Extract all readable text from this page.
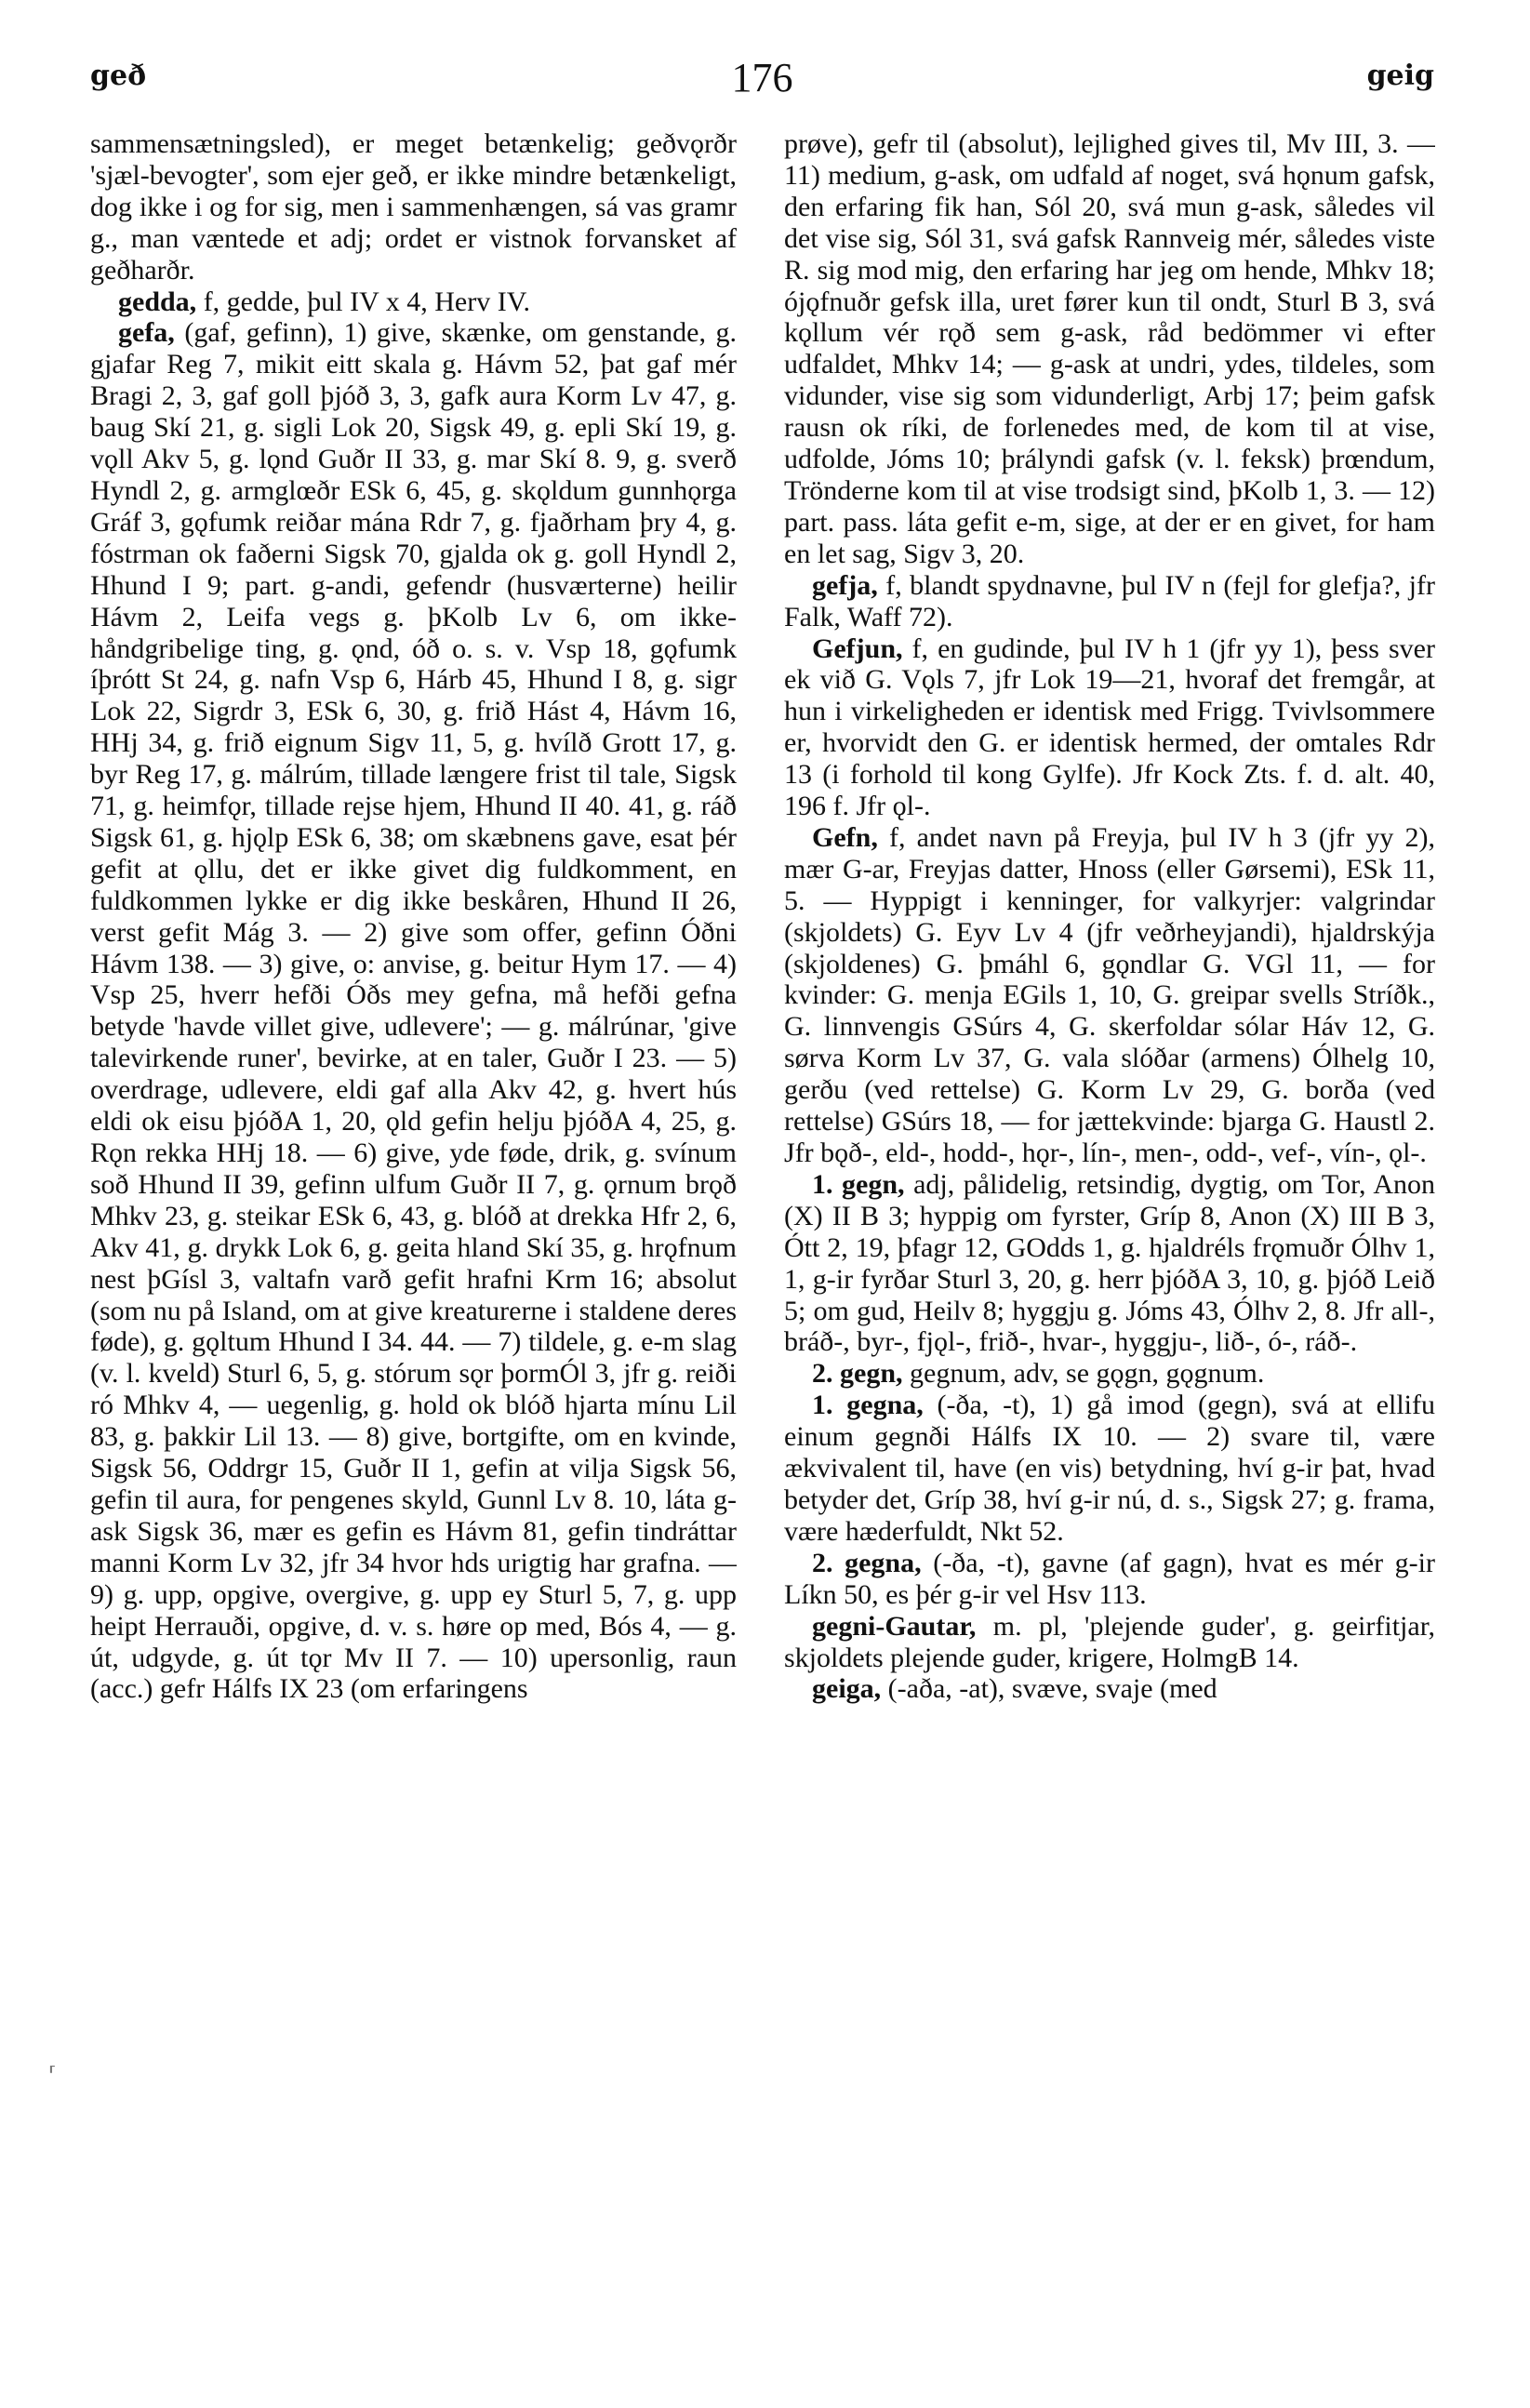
geð	176	geig

sammensætningsled), er meget betænkelig; geðvǫrðr 'sjæl-bevogter', som ejer geð, er ikke mindre betænkeligt, dog ikke i og for sig, men i sammenhængen, sá vas gramr g., man væntede et adj; ordet er vistnok forvansket af geðharðr.

gedda, f, gedde, þul IV x 4, Herv IV.

gefa, (gaf, gefinn), 1) give, skænke, om genstande, g. gjafar Reg 7, mikit eitt skala g. Hávm 52, þat gaf mér Bragi 2, 3, gaf goll þjóð 3, 3, gafk aura Korm Lv 47, g. baug Skí 21, g. sigli Lok 20, Sigsk 49, g. epli Skí 19, g. vǫll Akv 5, g. lǫnd Guðr II 33, g. mar Skí 8. 9, g. sverð Hyndl 2, g. armglœðr ESk 6, 45, g. skǫldum gunnhǫrga Gráf 3, gǫfumk reiðar mána Rdr 7, g. fjaðrham þry 4, g. fóstrman ok faðerni Sigsk 70, gjalda ok g. goll Hyndl 2, Hhund I 9; part. g-andi, gefendr (husværterne) heilir Hávm 2, Leifa vegs g. þKolb Lv 6, om ikke-håndgribelige ting, g. ǫnd, óð o. s. v. Vsp 18, gǫfumk íþrótt St 24, g. nafn Vsp 6, Hárb 45, Hhund I 8, g. sigr Lok 22, Sigrdr 3, ESk 6, 30, g. frið Hást 4, Hávm 16, HHj 34, g. frið eignum Sigv 11, 5, g. hvílð Grott 17, g. byr Reg 17, g. málrúm, tillade længere frist til tale, Sigsk 71, g. heimfǫr, tillade rejse hjem, Hhund II 40. 41, g. ráð Sigsk 61, g. hjǫlp ESk 6, 38; om skæbnens gave, esat þér gefit at ǫllu, det er ikke givet dig fuldkomment, en fuldkommen lykke er dig ikke beskåren, Hhund II 26, verst gefit Mág 3. — 2) give som offer, gefinn Óðni Hávm 138. — 3) give, o: anvise, g. beitur Hym 17. — 4) Vsp 25, hverr hefði Óðs mey gefna, må hefði gefna betyde 'havde villet give, udlevere'; — g. málrúnar, 'give talevirkende runer', bevirke, at en taler, Guðr I 23. — 5) overdrage, udlevere, eldi gaf alla Akv 42, g. hvert hús eldi ok eisu þjóðA 1, 20, ǫld gefin helju þjóðA 4, 25, g. Rǫn rekka HHj 18. — 6) give, yde føde, drik, g. svínum soð Hhund II 39, gefinn ulfum Guðr II 7, g. ǫrnum brǫð Mhkv 23, g. steikar ESk 6, 43, g. blóð at drekka Hfr 2, 6, Akv 41, g. drykk Lok 6, g. geita hland Skí 35, g. hrǫfnum nest þGísl 3, valtafn varð gefit hrafni Krm 16; absolut (som nu på Island, om at give kreaturerne i staldene deres føde), g. gǫltum Hhund I 34. 44. — 7) tildele, g. e-m slag (v. l. kveld) Sturl 6, 5, g. stórum sǫr þormÓl 3, jfr g. reiði ró Mhkv 4, — uegenlig, g. hold ok blóð hjarta mínu Lil 83, g. þakkir Lil 13. — 8) give, bortgifte, om en kvinde, Sigsk 56, Oddrgr 15, Guðr II 1, gefin at vilja Sigsk 56, gefin til aura, for pengenes skyld, Gunnl Lv 8. 10, láta g-ask Sigsk 36, mær es gefin es Hávm 81, gefin tindráttar manni Korm Lv 32, jfr 34 hvor hds urigtig har grafna. — 9) g. upp, opgive, overgive, g. upp ey Sturl 5, 7, g. upp heipt Herrauði, opgive, d. v. s. høre op med, Bós 4, — g. út, udgyde, g. út tǫr Mv II 7. — 10) upersonlig, raun (acc.) gefr Hálfs IX 23 (om erfaringens

prøve), gefr til (absolut), lejlighed gives til, Mv III, 3. — 11) medium, g-ask, om udfald af noget, svá hǫnum gafsk, den erfaring fik han, Sól 20, svá mun g-ask, således vil det vise sig, Sól 31, svá gafsk Rannveig mér, således viste R. sig mod mig, den erfaring har jeg om hende, Mhkv 18; ójǫfnuðr gefsk illa, uret fører kun til ondt, Sturl B 3, svá kǫllum vér rǫð sem g-ask, råd bedömmer vi efter udfaldet, Mhkv 14; — g-ask at undri, ydes, tildeles, som vidunder, vise sig som vidunderligt, Arbj 17; þeim gafsk rausn ok ríki, de forlenedes med, de kom til at vise, udfolde, Jóms 10; þrályndi gafsk (v. l. feksk) þrœndum, Trönderne kom til at vise trodsigt sind, þKolb 1, 3. — 12) part. pass. láta gefit e-m, sige, at der er en givet, for ham en let sag, Sigv 3, 20.

gefja, f, blandt spydnavne, þul IV n (fejl for glefja?, jfr Falk, Waff 72).

Gefjun, f, en gudinde, þul IV h 1 (jfr yy 1), þess sver ek við G. Vǫls 7, jfr Lok 19—21, hvoraf det fremgår, at hun i virkeligheden er identisk med Frigg. Tvivlsommere er, hvorvidt den G. er identisk hermed, der omtales Rdr 13 (i forhold til kong Gylfe). Jfr Kock Zts. f. d. alt. 40, 196 f. Jfr ǫl-.

Gefn, f, andet navn på Freyja, þul IV h 3 (jfr yy 2), mær G-ar, Freyjas datter, Hnoss (eller Gørsemi), ESk 11, 5. — Hyppigt i kenninger, for valkyrjer: valgrindar (skjoldets) G. Eyv Lv 4 (jfr veðrheyjandi), hjaldrskýja (skjoldenes) G. þmáhl 6, gǫndlar G. VGl 11, — for kvinder: G. menja EGils 1, 10, G. greipar svells Stríðk., G. linnvengis GSúrs 4, G. skerfoldar sólar Háv 12, G. sørva Korm Lv 37, G. vala slóðar (armens) Ólhelg 10, gerðu (ved rettelse) G. Korm Lv 29, G. borða (ved rettelse) GSúrs 18, — for jættekvinde: bjarga G. Haustl 2. Jfr bǫð-, eld-, hodd-, hǫr-, lín-, men-, odd-, vef-, vín-, ǫl-.

1. gegn, adj, pålidelig, retsindig, dygtig, om Tor, Anon (X) II B 3; hyppig om fyrster, Gríp 8, Anon (X) III B 3, Ótt 2, 19, þfagr 12, GOdds 1, g. hjaldréls frǫmuðr Ólhv 1, 1, g-ir fyrðar Sturl 3, 20, g. herr þjóðA 3, 10, g. þjóð Leið 5; om gud, Heilv 8; hyggju g. Jóms 43, Ólhv 2, 8. Jfr all-, bráð-, byr-, fjǫl-, frið-, hvar-, hyggju-, lið-, ó-, ráð-.

2. gegn, gegnum, adv, se gǫgn, gǫgnum.

1. gegna, (-ða, -t), 1) gå imod (gegn), svá at ellifu einum gegnði Hálfs IX 10. — 2) svare til, være ækvivalent til, have (en vis) betydning, hví g-ir þat, hvad betyder det, Gríp 38, hví g-ir nú, d. s., Sigsk 27; g. frama, være hæderfuldt, Nkt 52.

2. gegna, (-ða, -t), gavne (af gagn), hvat es mér g-ir Líkn 50, es þér g-ir vel Hsv 113.

gegni-Gautar, m. pl, 'plejende guder', g. geirfitjar, skjoldets plejende guder, krigere, HolmgB 14.

geiga, (-aða, -at), svæve, svaje (med

⸢
